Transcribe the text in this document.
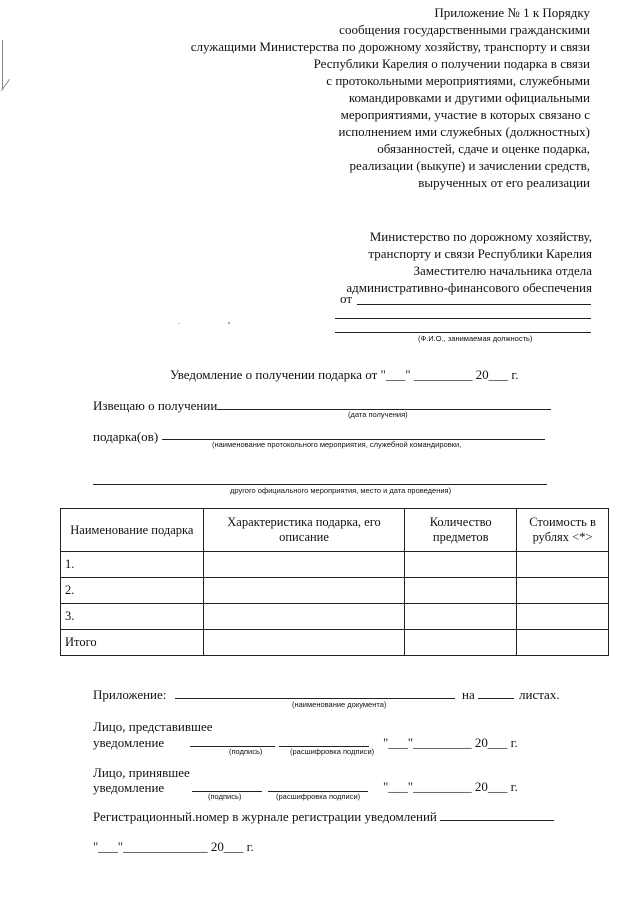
Приложение № 1 к Порядку
сообщения государственными гражданскими
служащими Министерства по дорожному хозяйству, транспорту и связи
Республики Карелия о получении подарка в связи
с протокольными мероприятиями, служебными
командировками и другими официальными
мероприятиями, участие в которых связано с
исполнением ими служебных (должностных)
обязанностей, сдаче и оценке подарка,
реализации (выкупе) и зачислении средств,
вырученных от его реализации
Министерство по дорожному хозяйству,
транспорту и связи Республики Карелия
Заместителю начальника отдела
административно-финансового обеспечения
от
(Ф.И.О., занимаемая должность)
Уведомление о получении подарка от "___" _________ 20___ г.
Извещаю о получении
(дата получения)
подарка(ов)
(наименование протокольного мероприятия, служебной командировки,
другого официального мероприятия, место и дата проведения)
Наименование подарка	Характеристика подарка, его описание	Количество предметов	Стоимость в рублях <*>
1.			
2.			
3.			
Итого			
Приложение:
(наименование документа)
на	листах.
Лицо, представившее
уведомление
(подпись)	(расшифровка подписи)
"___"_________ 20___ г.
Лицо, принявшее
уведомление
(подпись)	(расшифровка подписи)
"___"_________ 20___ г.
Регистрационный.номер в журнале регистрации уведомлений
"___"_____________ 20___ г.
